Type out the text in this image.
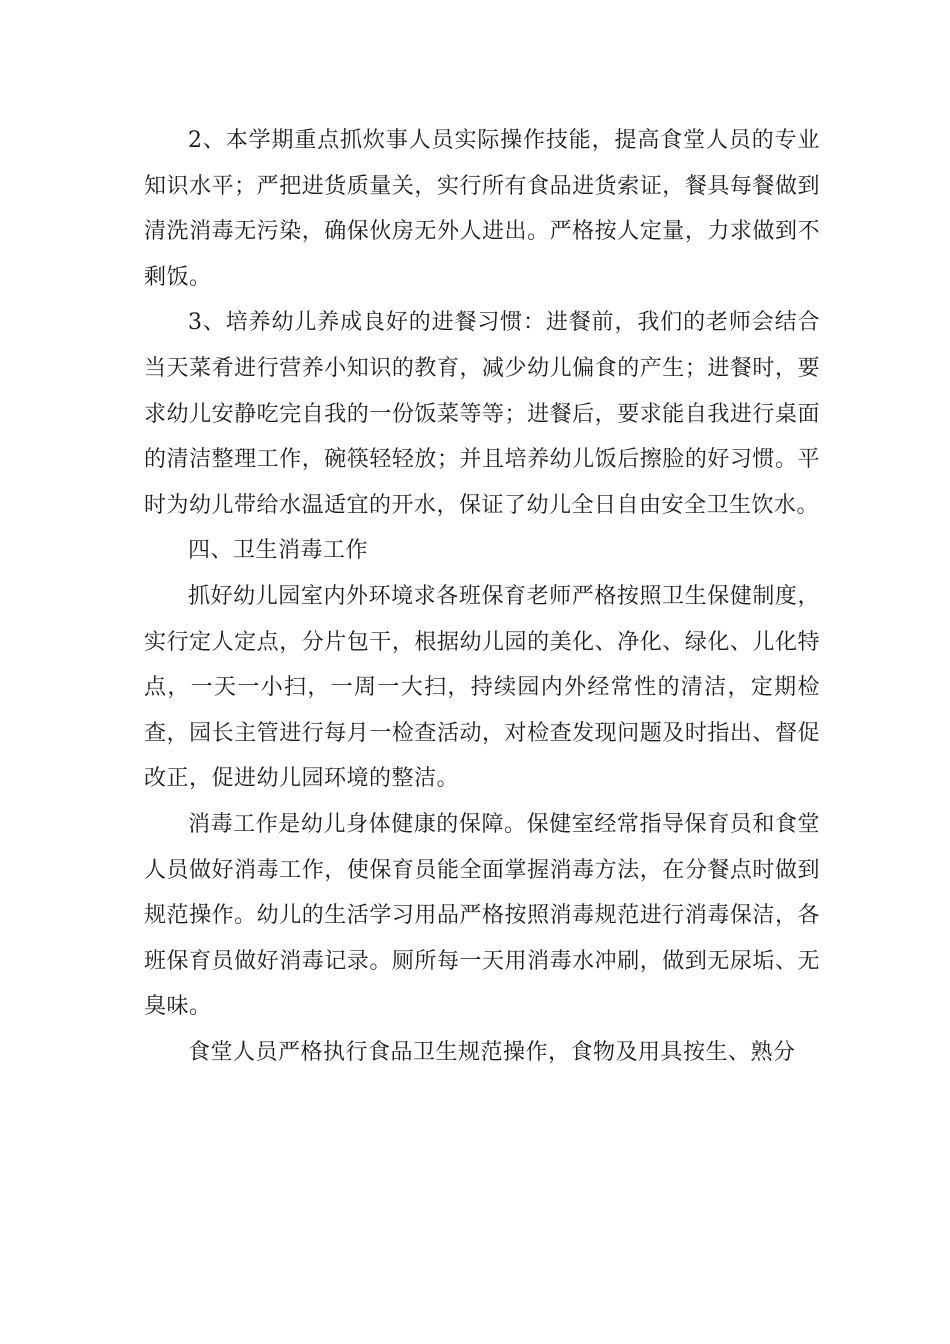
2、本学期重点抓炊事人员实际操作技能，提高食堂人员的专业知识水平；严把进货质量关，实行所有食品进货索证，餐具每餐做到清洗消毒无污染，确保伙房无外人进出。严格按人定量，力求做到不剩饭。

3、培养幼儿养成良好的进餐习惯：进餐前，我们的老师会结合当天菜肴进行营养小知识的教育，减少幼儿偏食的产生；进餐时，要求幼儿安静吃完自我的一份饭菜等等；进餐后，要求能自我进行桌面的清洁整理工作，碗筷轻轻放；并且培养幼儿饭后擦脸的好习惯。平时为幼儿带给水温适宜的开水，保证了幼儿全日自由安全卫生饮水。

四、卫生消毒工作

抓好幼儿园室内外环境求各班保育老师严格按照卫生保健制度，实行定人定点，分片包干，根据幼儿园的美化、净化、绿化、儿化特点，一天一小扫，一周一大扫，持续园内外经常性的清洁，定期检查，园长主管进行每月一检查活动，对检查发现问题及时指出、督促改正，促进幼儿园环境的整洁。

消毒工作是幼儿身体健康的保障。保健室经常指导保育员和食堂人员做好消毒工作，使保育员能全面掌握消毒方法，在分餐点时做到规范操作。幼儿的生活学习用品严格按照消毒规范进行消毒保洁，各班保育员做好消毒记录。厕所每一天用消毒水冲刷，做到无尿垢、无臭味。

食堂人员严格执行食品卫生规范操作，食物及用具按生、熟分
